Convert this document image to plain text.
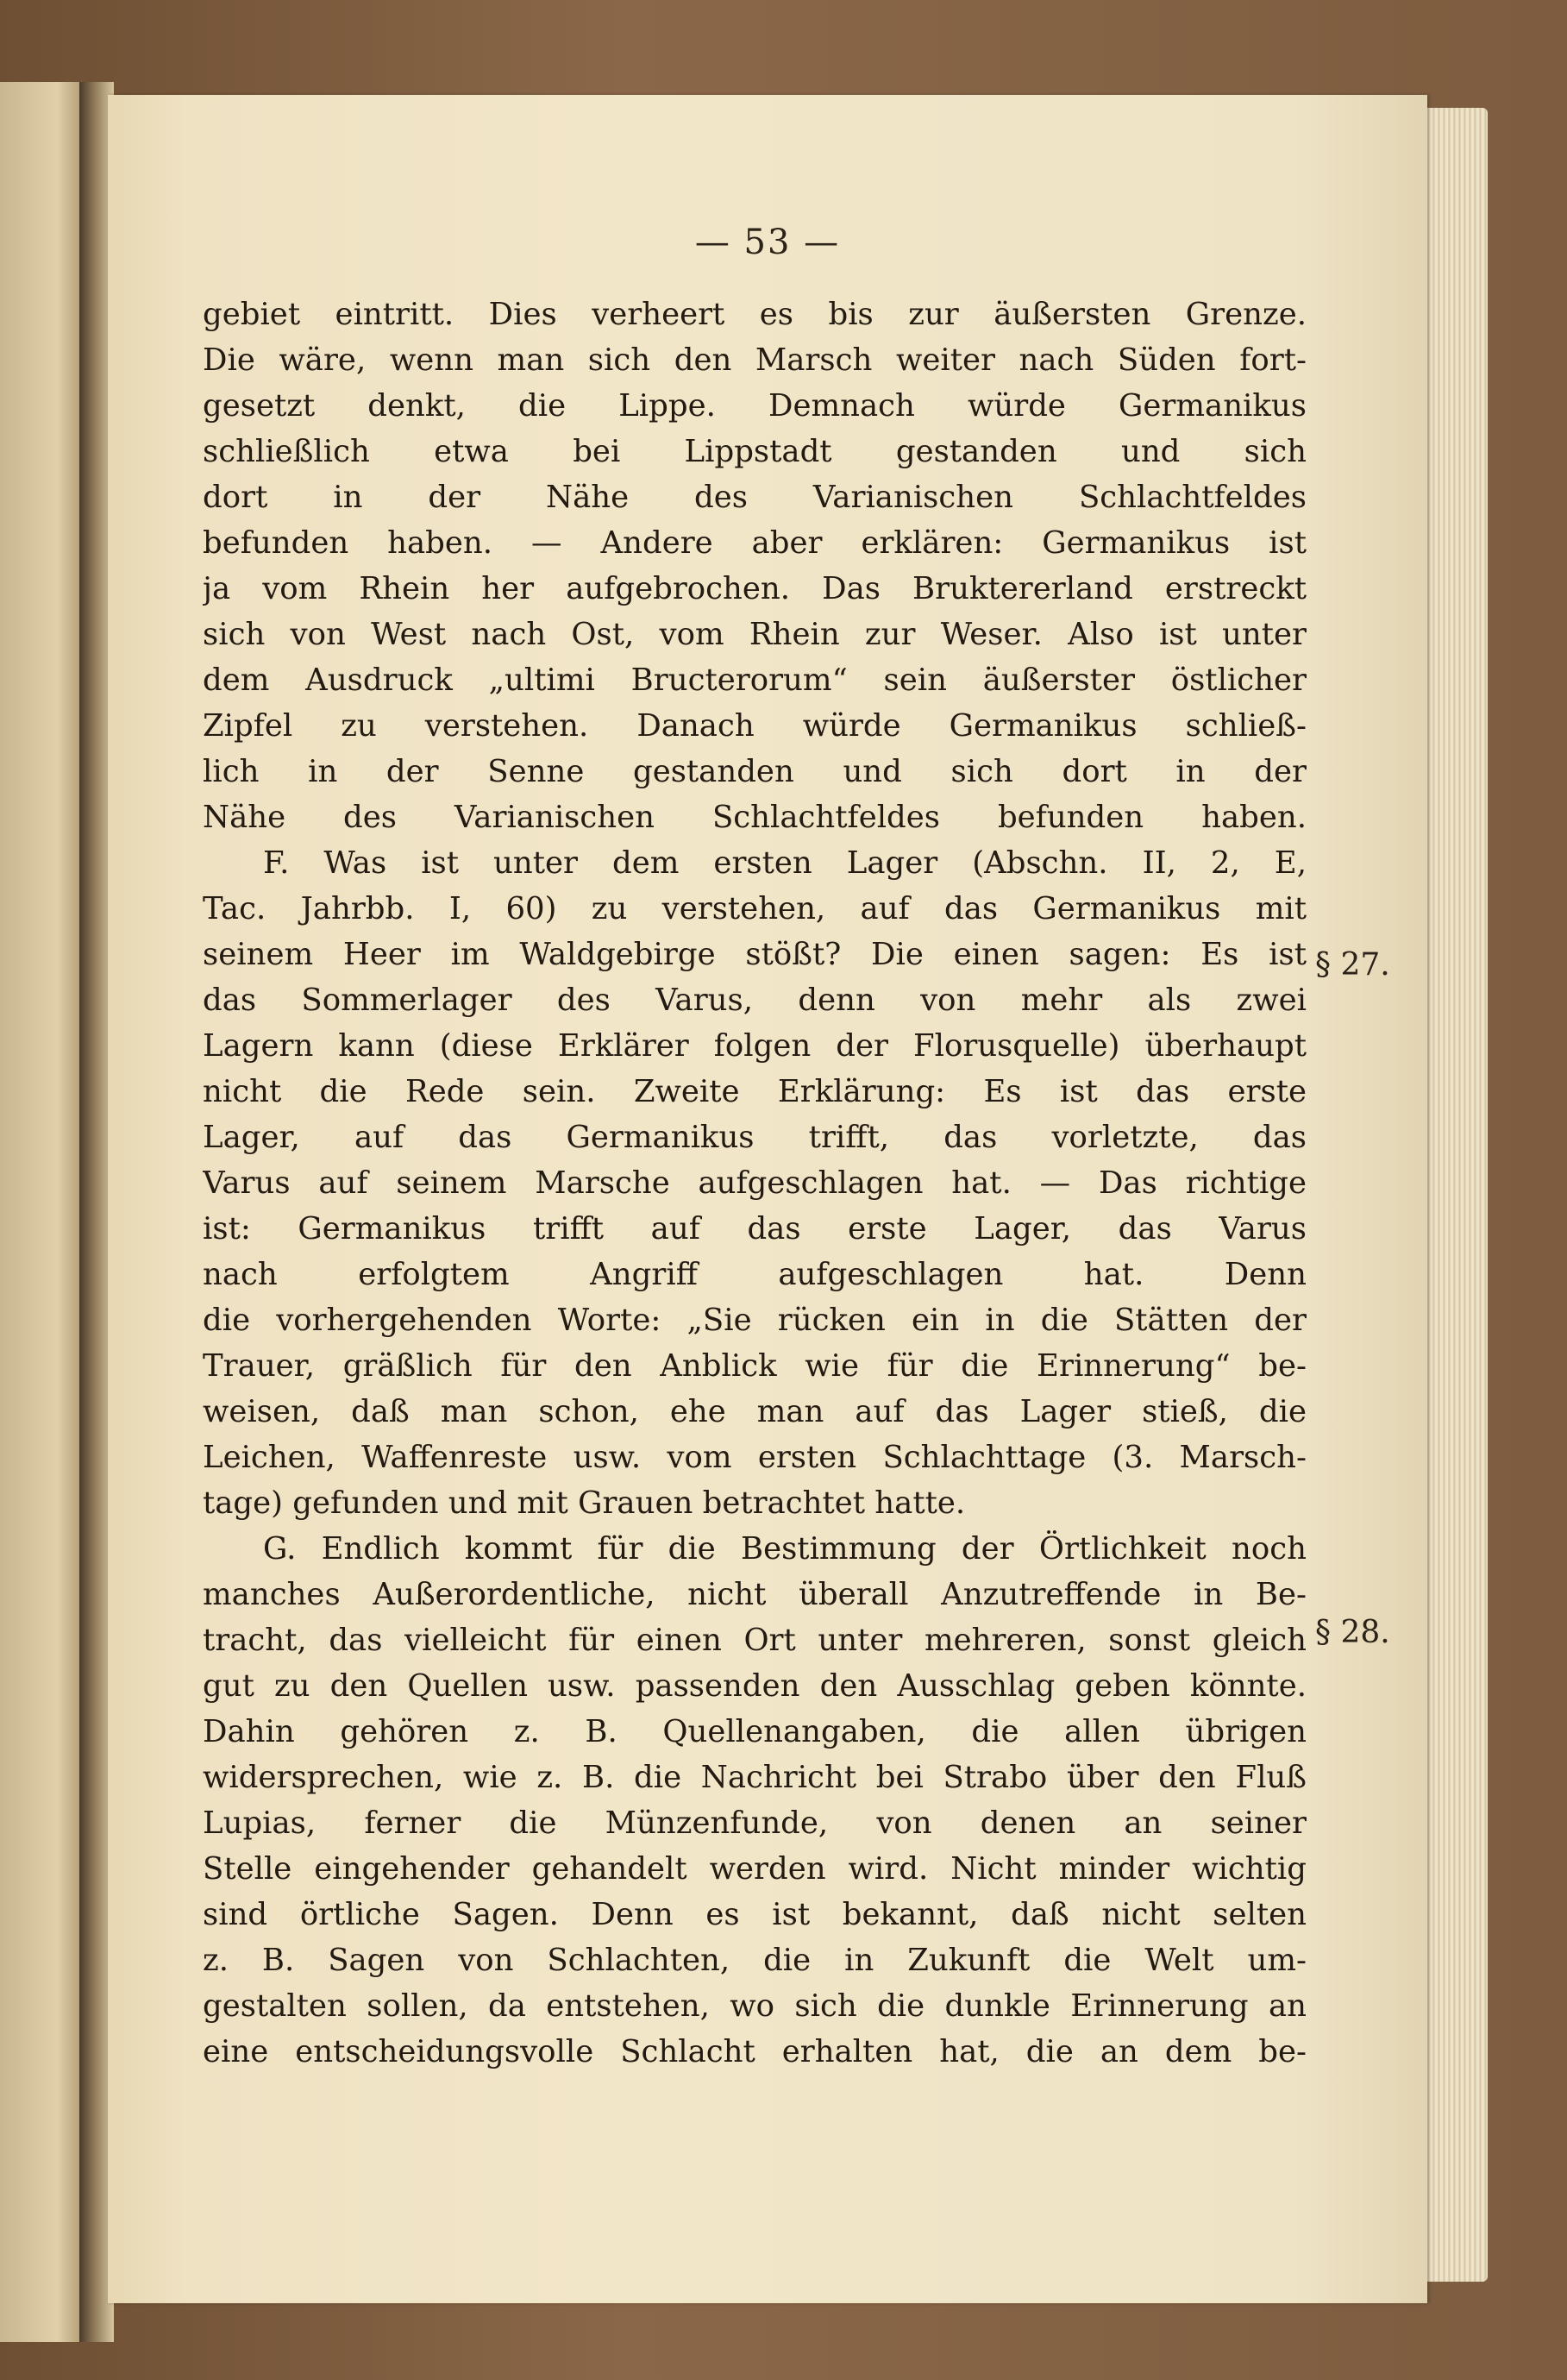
— 53 —
gebiet eintritt. Dies verheert es bis zur äußersten Grenze.
Die wäre, wenn man sich den Marsch weiter nach Süden fort-
gesetzt denkt, die Lippe. Demnach würde Germanikus
schließlich etwa bei Lippstadt gestanden und sich
dort in der Nähe des Varianischen Schlachtfeldes
befunden haben. — Andere aber erklären: Germanikus ist
ja vom Rhein her aufgebrochen. Das Bruktererland erstreckt
sich von West nach Ost, vom Rhein zur Weser. Also ist unter
dem Ausdruck „ultimi Bructerorum“ sein äußerster östlicher
Zipfel zu verstehen. Danach würde Germanikus schließ-
lich in der Senne gestanden und sich dort in der
Nähe des Varianischen Schlachtfeldes befunden haben.
F. Was ist unter dem ersten Lager (Abschn. II, 2, E,
Tac. Jahrbb. I, 60) zu verstehen, auf das Germanikus mit
seinem Heer im Waldgebirge stößt? Die einen sagen: Es ist
das Sommerlager des Varus, denn von mehr als zwei
Lagern kann (diese Erklärer folgen der Florusquelle) überhaupt
nicht die Rede sein. Zweite Erklärung: Es ist das erste
Lager, auf das Germanikus trifft, das vorletzte, das
Varus auf seinem Marsche aufgeschlagen hat. — Das richtige
ist: Germanikus trifft auf das erste Lager, das Varus
nach erfolgtem Angriff aufgeschlagen hat. Denn
die vorhergehenden Worte: „Sie rücken ein in die Stätten der
Trauer, gräßlich für den Anblick wie für die Erinnerung“ be-
weisen, daß man schon, ehe man auf das Lager stieß, die
Leichen, Waffenreste usw. vom ersten Schlachttage (3. Marsch-
tage) gefunden und mit Grauen betrachtet hatte.
G. Endlich kommt für die Bestimmung der Örtlichkeit noch
manches Außerordentliche, nicht überall Anzutreffende in Be-
tracht, das vielleicht für einen Ort unter mehreren, sonst gleich
gut zu den Quellen usw. passenden den Ausschlag geben könnte.
Dahin gehören z. B. Quellenangaben, die allen übrigen
widersprechen, wie z. B. die Nachricht bei Strabo über den Fluß
Lupias, ferner die Münzenfunde, von denen an seiner
Stelle eingehender gehandelt werden wird. Nicht minder wichtig
sind örtliche Sagen. Denn es ist bekannt, daß nicht selten
z. B. Sagen von Schlachten, die in Zukunft die Welt um-
gestalten sollen, da entstehen, wo sich die dunkle Erinnerung an
eine entscheidungsvolle Schlacht erhalten hat, die an dem be-
§ 27.
§ 28.
